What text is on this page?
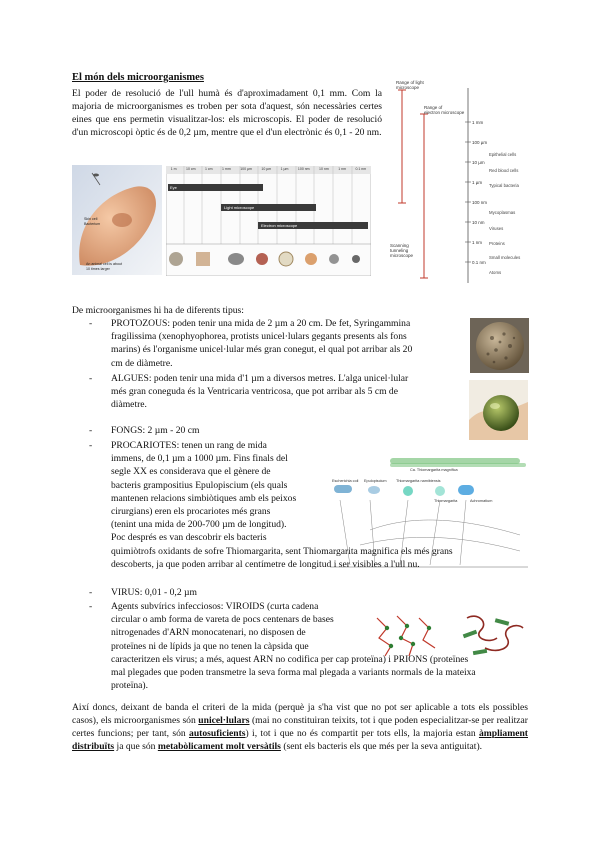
El món dels microorganismes

El poder de resolució de l'ull humà és d'aproximadament 0,1 mm. Com la majoria de microorganismes es troben per sota d'aquest, són necessàries certes eines que ens permetin visualitzar-los: els microscopis. El poder de resolució d'un microscopi òptic és de 0,2 µm, mentre que el d'un electrònic és 0,1 - 20 nm.

Range of light
microscope
Range of
electron microscope
Scanning
tunneling
microscope
1 mm
100 µm
10 µm
1 µm
100 nm
10 nm
1 nm
0.1 nm
Epithelial cells
Red blood cells
Typical bacteria
Mycoplasmas
Viruses
Proteins
Small molecules
Atoms
Skin cell
Bacterium
An animal cell is about
10 times larger
1 m	10 cm	1 cm	1 mm	100 µm	10 µm	1 µm	100 nm	10 nm	1 nm	0.1 nm
Eye
Light microscope
Electron microscope

De microorganismes hi ha de diferents tipus:

Ca. Thiomargarita magnifica
Escherichia coli Epulopiscium Thiomargarita namibiensis
Thiomargarita	Achromatium
- PROTOZOUS: poden tenir una mida de 2 µm a 20 cm. De fet, Syringammina
fragilissima (xenophyophorea, protists unicel·lulars gegants presents als fons
marins) és l'organisme unicel·lular més gran conegut, el qual pot arribar als 20
cm de diàmetre.
- ALGUES: poden tenir una mida d'1 µm a diversos metres. L'alga unicel·lular
més gran coneguda és la Ventricaria ventricosa, que pot arribar als 5 cm de
diàmetre.
- FONGS: 2 µm - 20 cm
- PROCARIOTES: tenen un rang de mida
immens, de 0,1 µm a 1000 µm. Fins finals del
segle XX es considerava que el gènere de
bacteris grampositius Epulopiscium (els quals
mantenen relacions simbiòtiques amb els peixos
cirurgians) eren els procariotes més grans
(tenint una mida de 200-700 µm de longitud).
Poc després es van descobrir els bacteris
quimiòtrofs oxidants de sofre Thiomargarita, sent Thiomargarita magnifica els més grans
descoberts, ja que poden arribar al centímetre de longitud i ser visibles a l'ull nu.
- VIRUS: 0,01 - 0,2 µm
- Agents subvírics infecciosos: VIROIDS (curta cadena
circular o amb forma de vareta de pocs centenars de bases
nitrogenades d'ARN monocatenari, no disposen de
proteïnes ni de lípids ja que no tenen la càpsida que
caracteritzen els virus; a més, aquest ARN no codifica per cap proteïna) i PRIONS (proteïnes
mal plegades que poden transmetre la seva forma mal plegada a variants normals de la mateixa
proteïna).

Així doncs, deixant de banda el criteri de la mida (perquè ja s'ha vist que no pot ser aplicable a tots els possibles casos), els microorganismes són unicel·lulars (mai no constituiran teixits, tot i que poden especialitzar-se per realitzar certes funcions; per tant, són autosuficients) i, tot i que no és compartit per tots ells, la majoria estan àmpliament distribuïts ja que són metabòlicament molt versàtils (sent els bacteris els que més per la seva antiguitat).
